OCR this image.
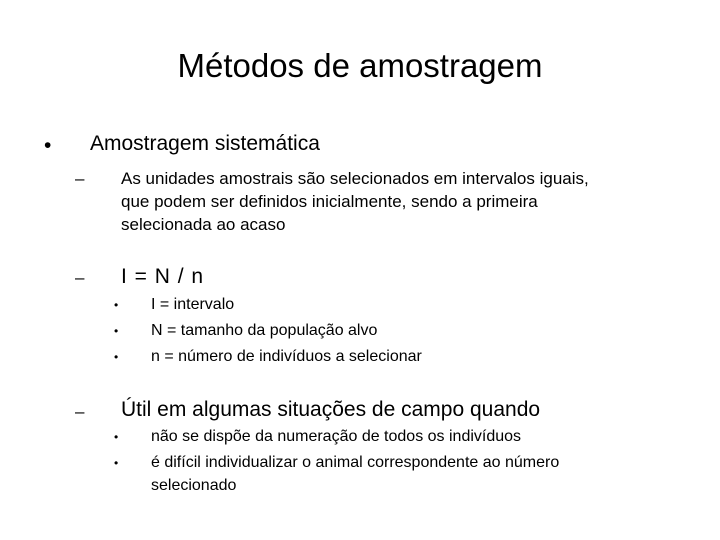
Métodos de amostragem
• Amostragem sistemática
– As unidades amostrais são selecionados em intervalos iguais,
que podem ser definidos inicialmente, sendo a primeira
selecionada ao acaso
– I = N / n
• I = intervalo
• N = tamanho da população alvo
• n = número de indivíduos a selecionar
– Útil em algumas situações de campo quando
• não se dispõe da numeração de todos os indivíduos
• é difícil individualizar o animal correspondente ao número
selecionado
